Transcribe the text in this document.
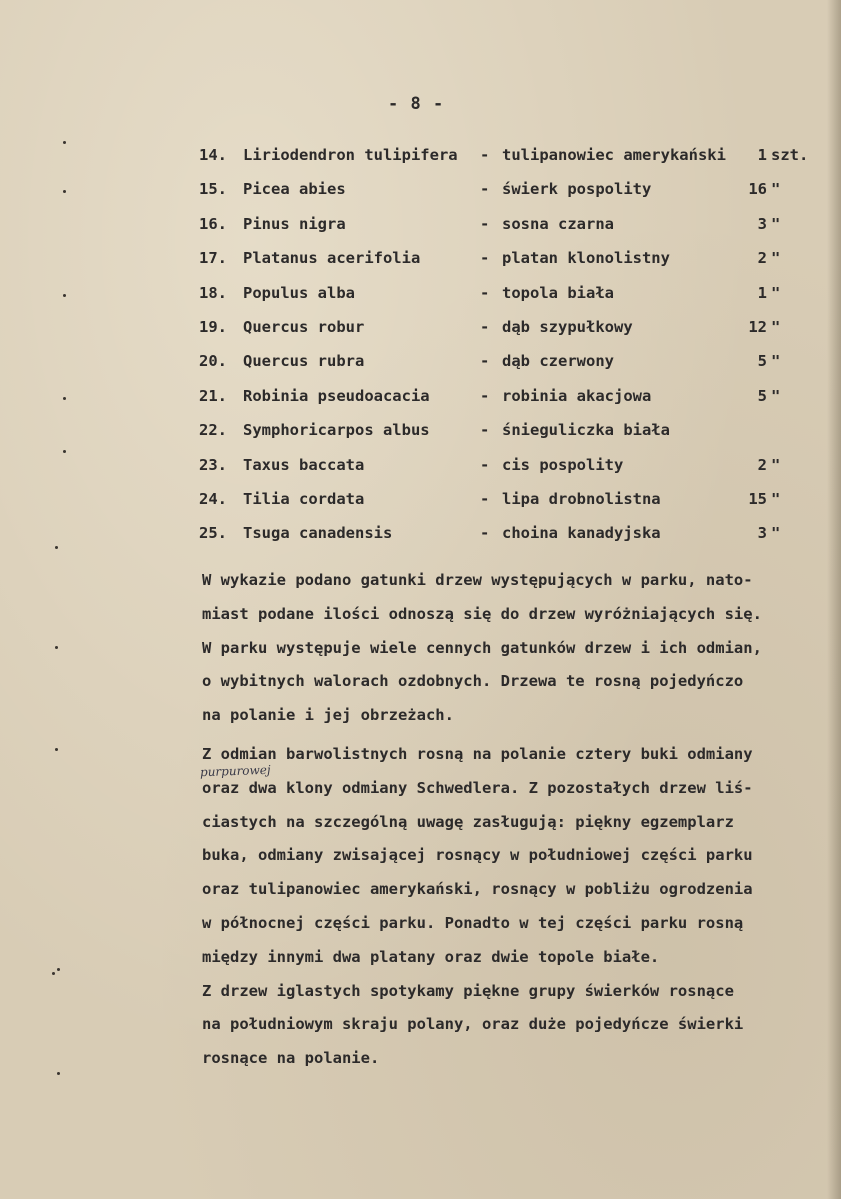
- 8 -
14. Liriodendron tulipifera - tulipanowiec amerykański 1 szt.
15. Picea abies	- świerk pospolity	16 "
16. Pinus nigra	- sosna czarna	3 "
17. Platanus acerifolia	- platan klonolistny	2 "
18. Populus alba	- topola biała	1 "
19. Quercus robur	- dąb szypułkowy	12 "
20. Quercus rubra	- dąb czerwony	5 "
21. Robinia pseudoacacia	- robinia akacjowa	5 "
22. Symphoricarpos albus	- śnieguliczka biała
23. Taxus baccata	- cis pospolity	2 "
24. Tilia cordata	- lipa drobnolistna	15 "
25. Tsuga canadensis	- choina kanadyjska	3 "
W wykazie podano gatunki drzew występujących w parku, nato-
miast podane ilości odnoszą się do drzew wyróżniających się.
W parku występuje wiele cennych gatunków drzew i ich odmian,
o wybitnych walorach ozdobnych. Drzewa te rosną pojedyńczo
na polanie i jej obrzeżach.
Z odmian barwolistnych rosną na polanie cztery buki odmiany
oraz dwa klony odmiany Schwedlera. Z pozostałych drzew liś-
ciastych na szczególną uwagę zasługują: piękny egzemplarz
buka, odmiany zwisającej rosnący w południowej części parku
oraz tulipanowiec amerykański, rosnący w pobliżu ogrodzenia
w północnej części parku. Ponadto w tej części parku rosną
między innymi dwa platany oraz dwie topole białe.
Z drzew iglastych spotykamy piękne grupy świerków rosnące
na południowym skraju polany, oraz duże pojedyńcze świerki
rosnące na polanie.
purpurowej
